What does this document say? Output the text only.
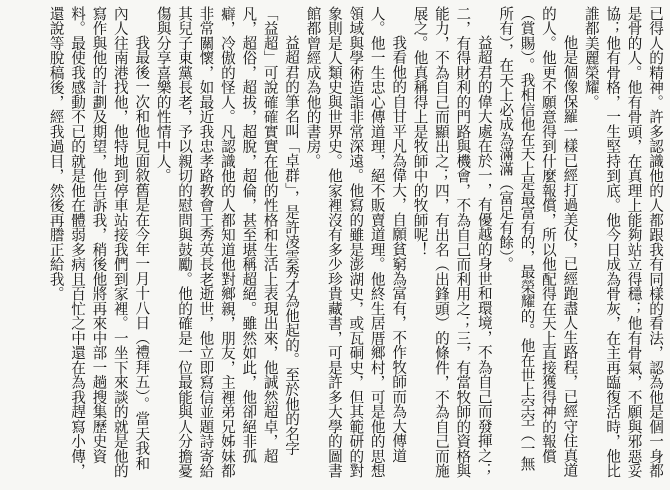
已得人的精神。許多認識他的人都跟我有同樣的看法，認為他是個一身都是骨的人。他有骨頭，在真理上能夠站立得穩；他有骨氣，不願與邪惡妥協；他有骨格，一生堅持到底。他今日成為骨灰，在主再臨復活時，他比誰都美麗榮耀。

他是個像保羅一樣已經打過美仗，已經跑盡人生路程，已經守住真道的人。他更不願意得到什麼報償，所以他配得在天上直接獲得神的報償（賞賜）。我相信他在天上是最富有的，最榮耀的。他在世上空空（一無所有），在天上必成為滿滿（富足有餘）。

益超君的偉大處在於一，有優越的身世和環境，不為自己而發揮之；二，有得財利的門路與機會，不為自己而利用之；三，有當牧師的資格與能力，不為自己而顯出之；四，有出名（出鋒頭）的條件，不為自己而施展之。他真稱得上是牧師中的牧師呢！

我看他的自甘平凡為偉大，自願貧窮為富有，不作牧師而為大傳道人。他一生忠心傳道理，絕不販賣道理。他終生居厝鄉村，可是他的思想領域與學術造詣非常深遠。他寫的雖是澎湖史，或瓦硐史，但其範研的對象則是人類史與世界史。他家裡沒有多少珍貴藏書，可是許多大學的圖書館都曾經成為他的書房。

益超君的筆名叫「卓群」，是許凌雲秀才為他起的。至於他的名字「益超」可說確確實實在他的性格和生活上表現出來，他誠然超卓，超凡，超俗，超拔，超脫，超倫，甚至堪稱超絕。雖然如此，他卻絕非孤癖，冷傲的怪人。凡認識他的人都知道他對鄉親，朋友，主裡弟兄姊妹都非常關懷，如最近我忠孝路教會王秀英長老逝世，他立即寫信並題詩寄給其兒子東黨長老，予以親切的慰問與鼓勵。他的確是一位最能與人分擔憂傷與分享喜樂的性情中人。

我最後一次和他見面敘舊是在今年一月十八日（禮拜五）。當天我和內人往南港找他，他特地到停車站接我們到家裡。一坐下來談的就是他的寫作與他的計劃及期望，他告訴我，稍後他將再來中部一趟搜集歷史資料。最使我感動不已的就是他在體弱多病且百忙之中還在為我趕寫小傳，還說等脫稿後，經我過目，然後再謄正給我。
